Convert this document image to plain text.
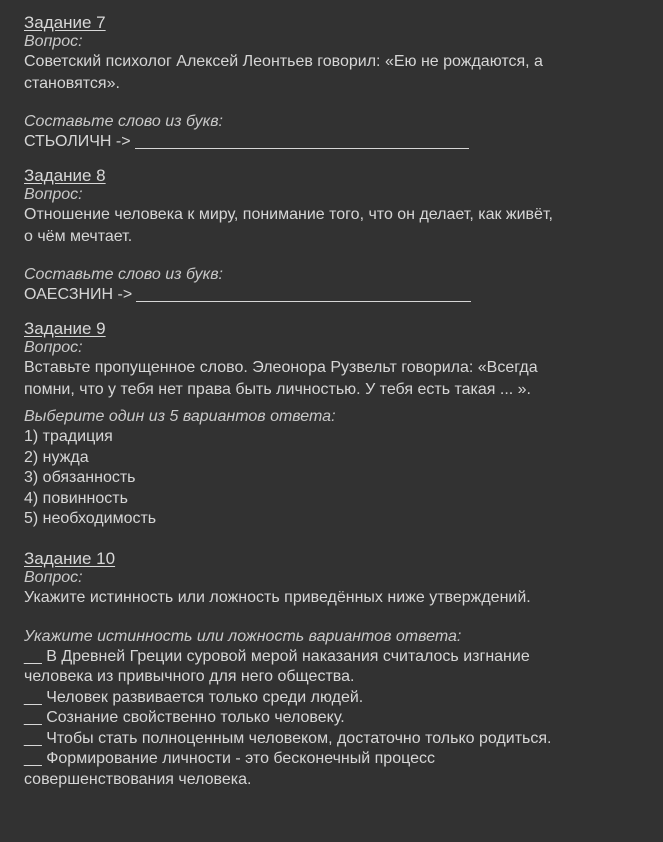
Задание 7
Вопрос:
Советский психолог Алексей Леонтьев говорил: «Ею не рождаются, а
становятся».
Составьте слово из букв:
СТЬОЛИЧН ->
Задание 8
Вопрос:
Отношение человека к миру, понимание того, что он делает, как живёт,
о чём мечтает.
Составьте слово из букв:
ОАЕСЗНИН ->
Задание 9
Вопрос:
Вставьте пропущенное слово. Элеонора Рузвельт говорила: «Всегда
помни, что у тебя нет права быть личностью. У тебя есть такая ... ».
Выберите один из 5 вариантов ответа:
1) традиция
2) нужда
3) обязанность
4) повинность
5) необходимость
Задание 10
Вопрос:
Укажите истинность или ложность приведённых ниже утверждений.
Укажите истинность или ложность вариантов ответа:
__ В Древней Греции суровой мерой наказания считалось изгнание
человека из привычного для него общества.
__ Человек развивается только среди людей.
__ Сознание свойственно только человеку.
__ Чтобы стать полноценным человеком, достаточно только родиться.
__ Формирование личности - это бесконечный процесс
совершенствования человека.
